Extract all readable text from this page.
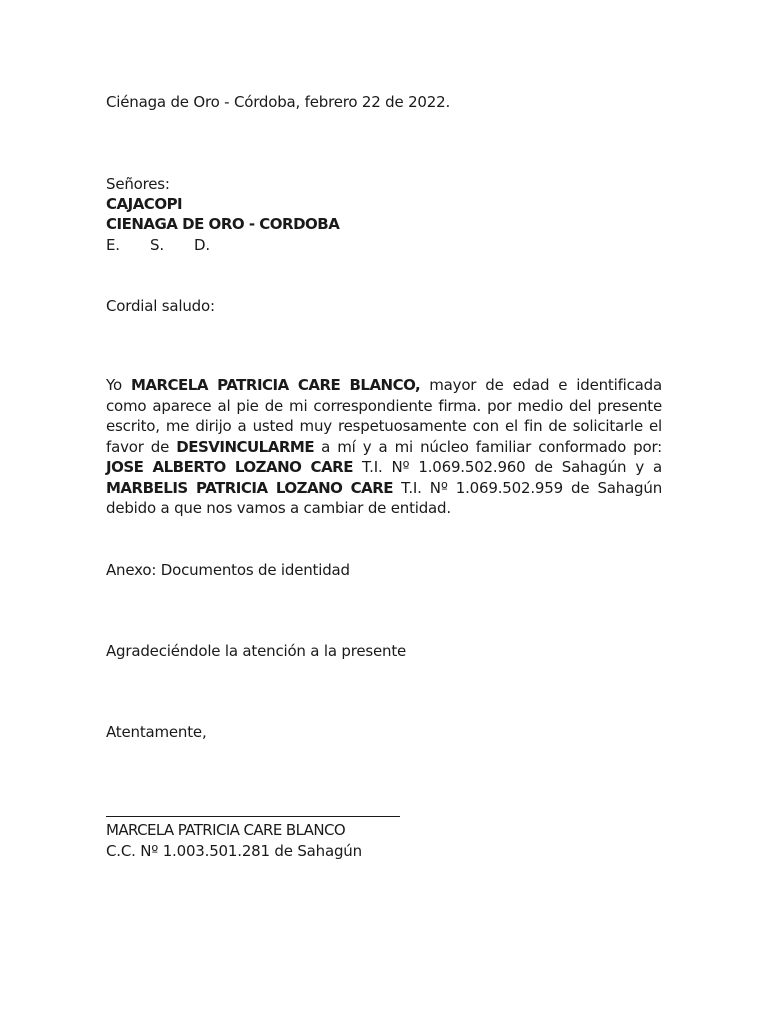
Ciénaga de Oro - Córdoba, febrero 22 de 2022.
Señores:
CAJACOPI
CIENAGA DE ORO - CORDOBA
E. S. D.
Cordial saludo:
Yo MARCELA PATRICIA CARE BLANCO, mayor de edad e identificada
como aparece al pie de mi correspondiente firma. por medio del presente
escrito, me dirijo a usted muy respetuosamente con el fin de solicitarle el
favor de DESVINCULARME a mí y a mi núcleo familiar conformado por:
JOSE ALBERTO LOZANO CARE T.I. Nº 1.069.502.960 de Sahagún y a
MARBELIS PATRICIA LOZANO CARE T.I. Nº 1.069.502.959 de Sahagún
debido a que nos vamos a cambiar de entidad.
Anexo: Documentos de identidad
Agradeciéndole la atención a la presente
Atentamente,
MARCELA PATRICIA CARE BLANCO
C.C. Nº 1.003.501.281 de Sahagún
